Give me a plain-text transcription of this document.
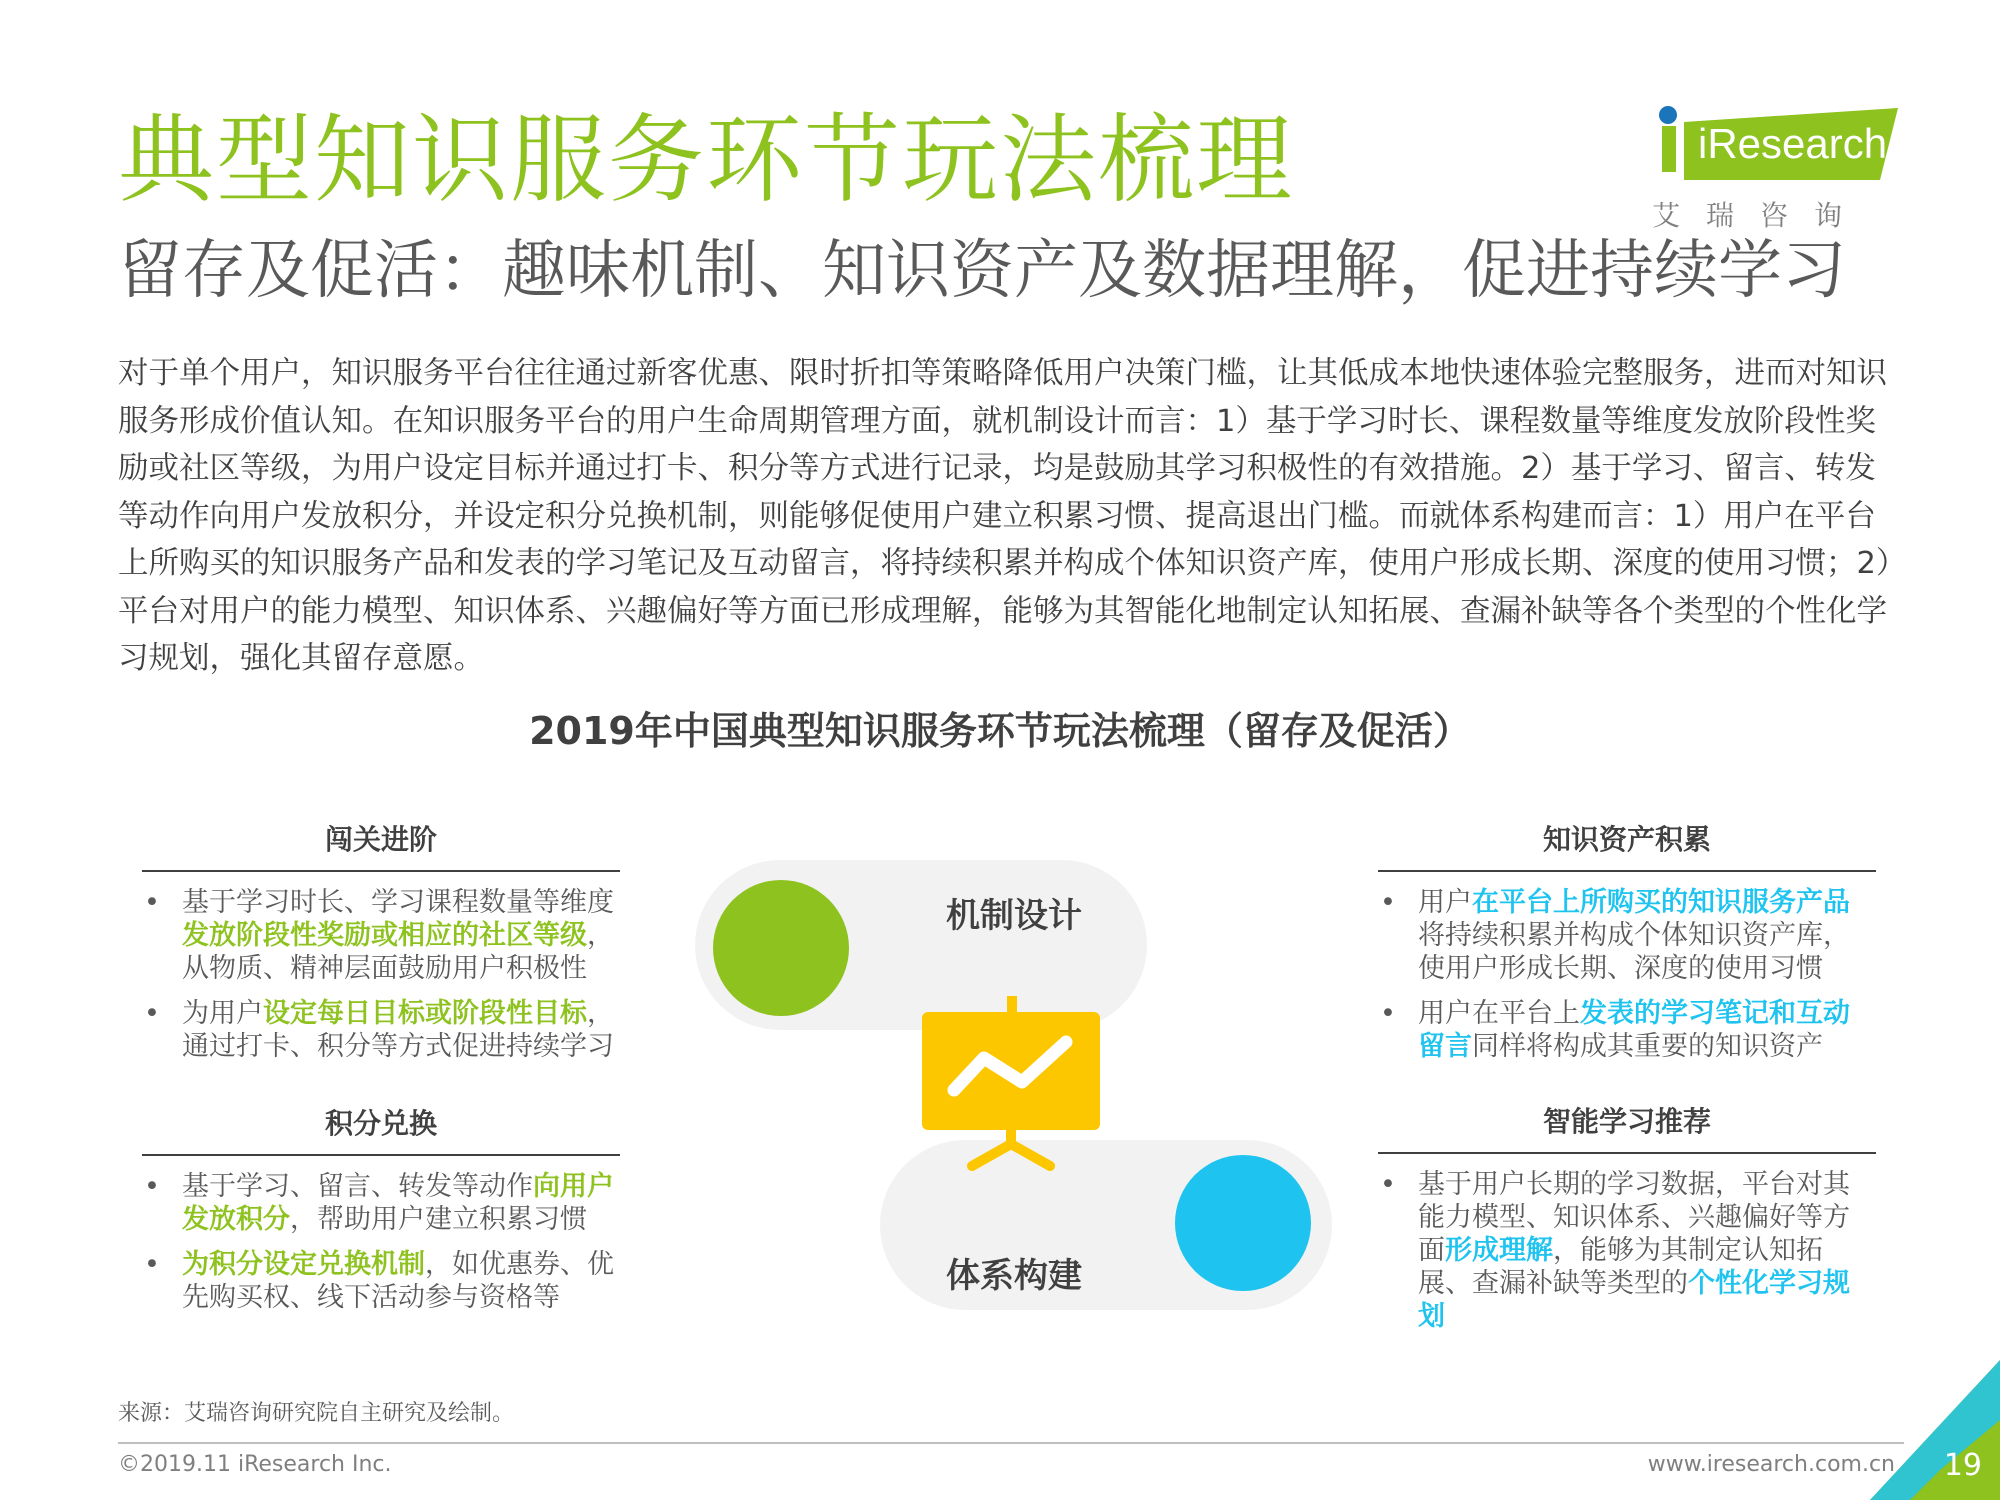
典型知识服务环节玩法梳理
留存及促活：趣味机制、知识资产及数据理解，促进持续学习
iResearch
艾瑞咨询

对于单个用户，知识服务平台往往通过新客优惠、限时折扣等策略降低用户决策门槛，让其低成本地快速体验完整服务，进而对知识服务形成价值认知。在知识服务平台的用户生命周期管理方面，就机制设计而言：1）基于学习时长、课程数量等维度发放阶段性奖励或社区等级，为用户设定目标并通过打卡、积分等方式进行记录，均是鼓励其学习积极性的有效措施。2）基于学习、留言、转发等动作向用户发放积分，并设定积分兑换机制，则能够促使用户建立积累习惯、提高退出门槛。而就体系构建而言：1）用户在平台上所购买的知识服务产品和发表的学习笔记及互动留言，将持续积累并构成个体知识资产库，使用户形成长期、深度的使用习惯；2）平台对用户的能力模型、知识体系、兴趣偏好等方面已形成理解，能够为其智能化地制定认知拓展、查漏补缺等各个类型的个性化学习规划，强化其留存意愿。

2019年中国典型知识服务环节玩法梳理（留存及促活）
闯关进阶
• 基于学习时长、学习课程数量等维度发放阶段性奖励或相应的社区等级，从物质、精神层面鼓励用户积极性
• 为用户设定每日目标或阶段性目标，通过打卡、积分等方式促进持续学习
积分兑换
• 基于学习、留言、转发等动作向用户发放积分，帮助用户建立积累习惯
• 为积分设定兑换机制，如优惠券、优先购买权、线下活动参与资格等
知识资产积累
• 用户在平台上所购买的知识服务产品将持续积累并构成个体知识资产库，使用户形成长期、深度的使用习惯
• 用户在平台上发表的学习笔记和互动留言同样将构成其重要的知识资产
智能学习推荐
• 基于用户长期的学习数据，平台对其能力模型、知识体系、兴趣偏好等方面形成理解，能够为其制定认知拓展、查漏补缺等类型的个性化学习规划
机制设计
体系构建
来源：艾瑞咨询研究院自主研究及绘制。
©2019.11 iResearch Inc.	www.iresearch.com.cn 19
